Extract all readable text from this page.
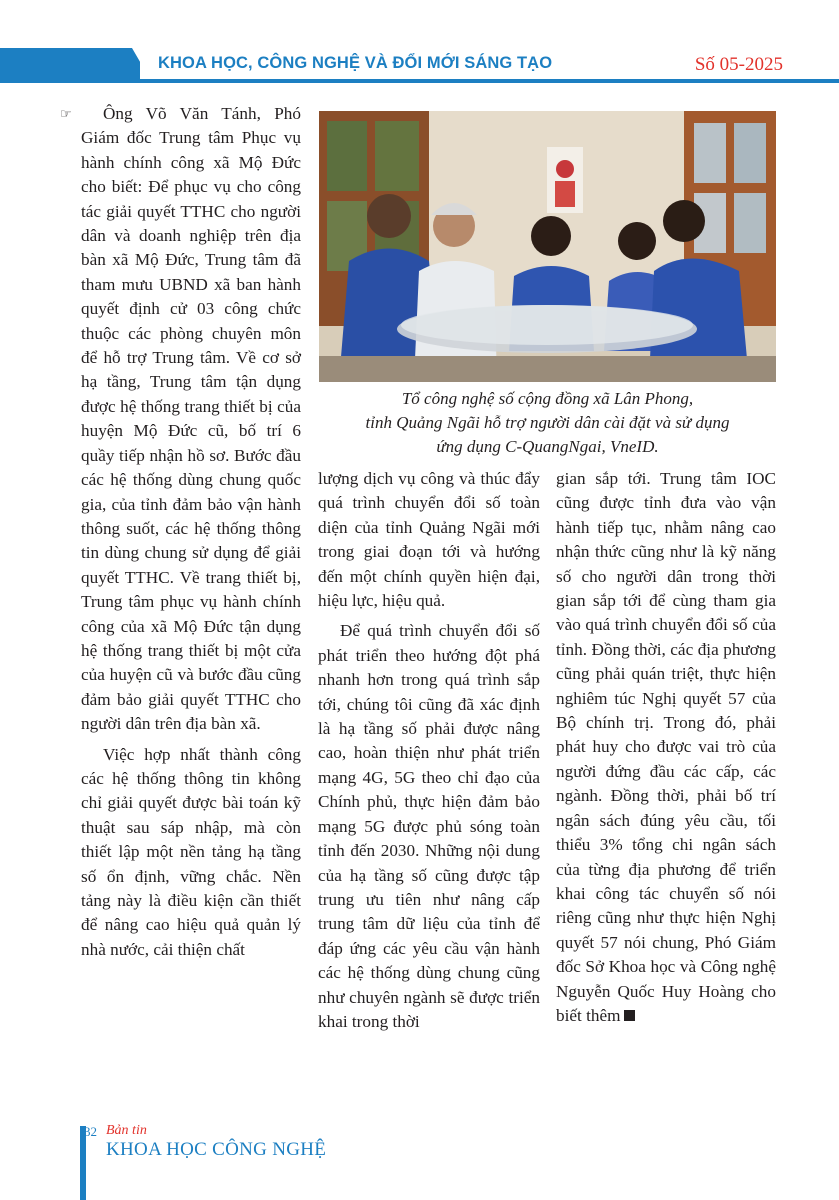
KHOA HỌC, CÔNG NGHỆ VÀ ĐỔI MỚI SÁNG TẠO	Số 05-2025
☞	Ông Võ Văn Tánh, Phó Giám đốc Trung tâm Phục vụ hành chính công xã Mộ Đức cho biết: Để phục vụ cho công tác giải quyết TTHC cho người dân và doanh nghiệp trên địa bàn xã Mộ Đức, Trung tâm đã tham mưu UBND xã ban hành quyết định cử 03 công chức thuộc các phòng chuyên môn để hỗ trợ Trung tâm. Về cơ sở hạ tầng, Trung tâm tận dụng được hệ thống trang thiết bị của huyện Mộ Đức cũ, bố trí 6 quầy tiếp nhận hồ sơ. Bước đầu các hệ thống dùng chung quốc gia, của tỉnh đảm bảo vận hành thông suốt, các hệ thống thông tin dùng chung sử dụng để giải quyết TTHC. Về trang thiết bị, Trung tâm phục vụ hành chính công của xã Mộ Đức tận dụng hệ thống trang thiết bị một cửa của huyện cũ và bước đầu cũng đảm bảo giải quyết TTHC cho người dân trên địa bàn xã.

Việc hợp nhất thành công các hệ thống thông tin không chỉ giải quyết được bài toán kỹ thuật sau sáp nhập, mà còn thiết lập một nền tảng hạ tầng số ổn định, vững chắc. Nền tảng này là điều kiện cần thiết để nâng cao hiệu quả quản lý nhà nước, cải thiện chất

Tổ công nghệ số cộng đồng xã Lân Phong,
tỉnh Quảng Ngãi hỗ trợ người dân cài đặt và sử dụng
ứng dụng C-QuangNgai, VneID.

lượng dịch vụ công và thúc đẩy quá trình chuyển đổi số toàn diện của tỉnh Quảng Ngãi mới trong giai đoạn tới và hướng đến một chính quyền hiện đại, hiệu lực, hiệu quả.

Để quá trình chuyển đổi số phát triển theo hướng đột phá nhanh hơn trong quá trình sắp tới, chúng tôi cũng đã xác định là hạ tầng số phải được nâng cao, hoàn thiện như phát triển mạng 4G, 5G theo chỉ đạo của Chính phủ, thực hiện đảm bảo mạng 5G được phủ sóng toàn tỉnh đến 2030. Những nội dung của hạ tầng số cũng được tập trung ưu tiên như nâng cấp trung tâm dữ liệu của tỉnh để đáp ứng các yêu cầu vận hành các hệ thống dùng chung cũng như chuyên ngành sẽ được triển khai trong thời

gian sắp tới. Trung tâm IOC cũng được tỉnh đưa vào vận hành tiếp tục, nhằm nâng cao nhận thức cũng như là kỹ năng số cho người dân trong thời gian sắp tới để cùng tham gia vào quá trình chuyển đổi số của tỉnh. Đồng thời, các địa phương cũng phải quán triệt, thực hiện nghiêm túc Nghị quyết 57 của Bộ chính trị. Trong đó, phải phát huy cho được vai trò của người đứng đầu các cấp, các ngành. Đồng thời, phải bố trí ngân sách đúng yêu cầu, tối thiểu 3% tổng chi ngân sách của từng địa phương để triển khai công tác chuyển số nói riêng cũng như thực hiện Nghị quyết 57 nói chung, Phó Giám đốc Sở Khoa học và Công nghệ Nguyễn Quốc Huy Hoàng cho biết thêm

32 Bản tin
KHOA HỌC CÔNG NGHỆ
